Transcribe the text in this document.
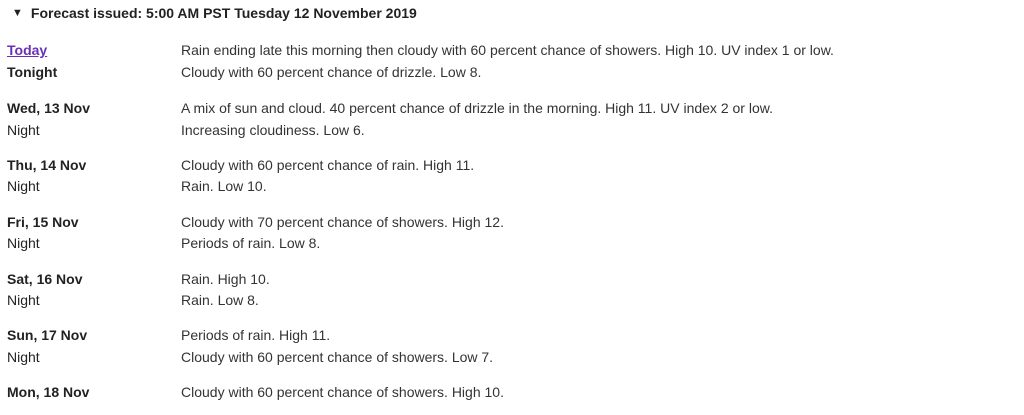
▼ Forecast issued: 5:00 AM PST Tuesday 12 November 2019
Today	Rain ending late this morning then cloudy with 60 percent chance of showers. High 10. UV index 1 or low.
Tonight	Cloudy with 60 percent chance of drizzle. Low 8.
Wed, 13 Nov	A mix of sun and cloud. 40 percent chance of drizzle in the morning. High 11. UV index 2 or low.
Night	Increasing cloudiness. Low 6.
Thu, 14 Nov	Cloudy with 60 percent chance of rain. High 11.
Night	Rain. Low 10.
Fri, 15 Nov	Cloudy with 70 percent chance of showers. High 12.
Night	Periods of rain. Low 8.
Sat, 16 Nov	Rain. High 10.
Night	Rain. Low 8.
Sun, 17 Nov	Periods of rain. High 11.
Night	Cloudy with 60 percent chance of showers. Low 7.
Mon, 18 Nov	Cloudy with 60 percent chance of showers. High 10.
